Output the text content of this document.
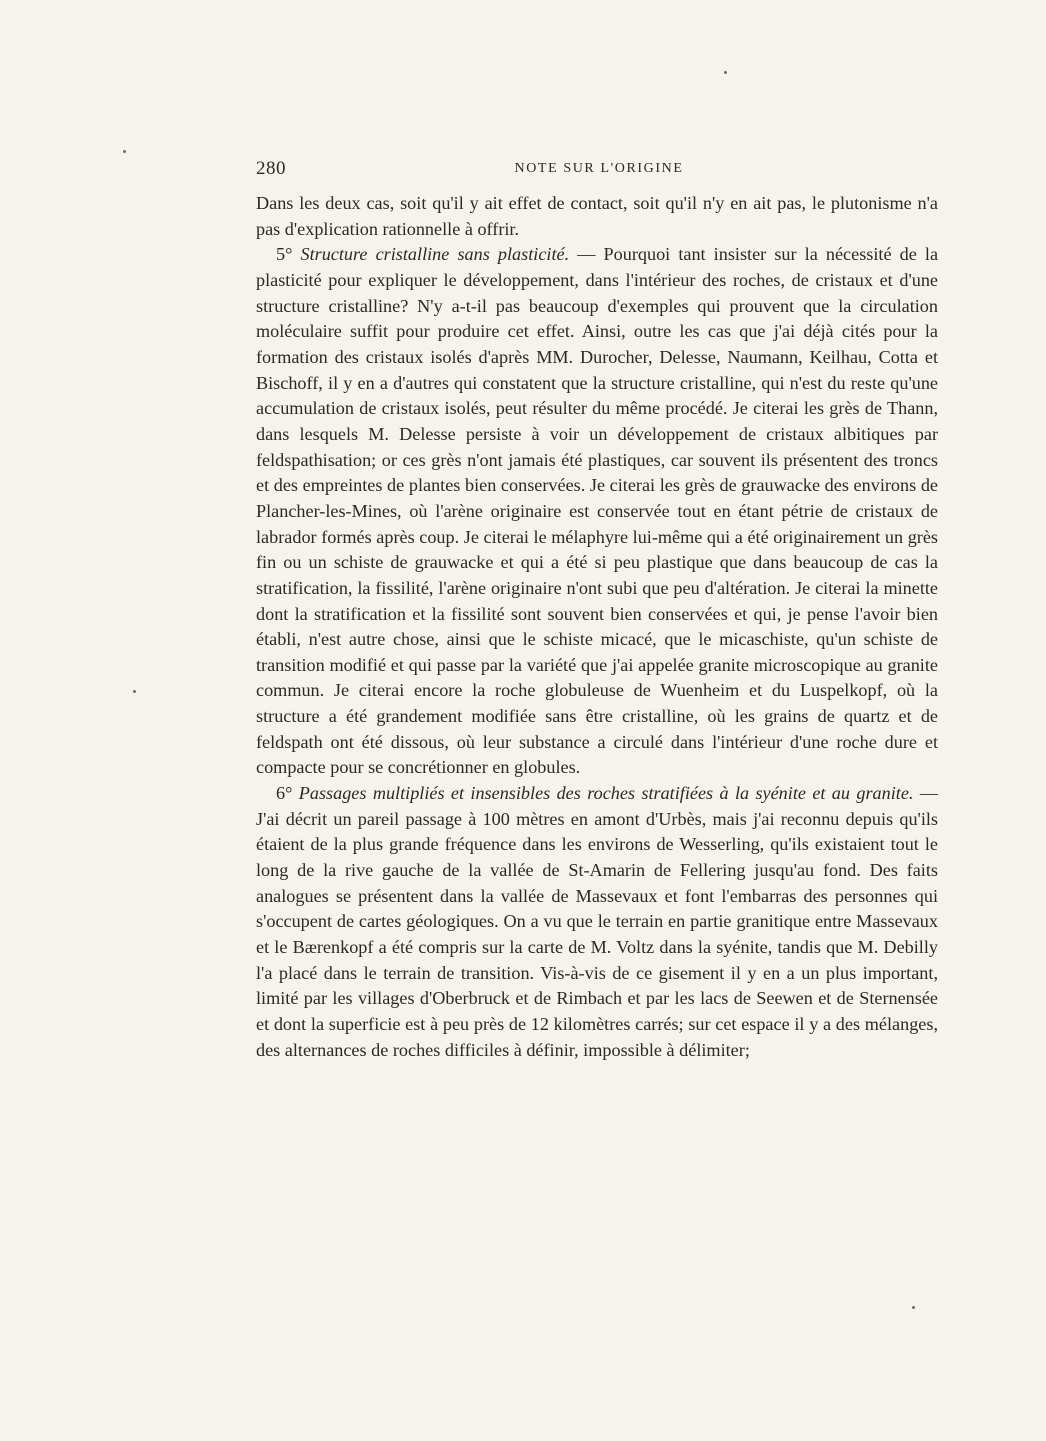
280	NOTE SUR L'ORIGINE

Dans les deux cas, soit qu'il y ait effet de contact, soit qu'il n'y en ait pas, le plutonisme n'a pas d'explication rationnelle à offrir.

5° Structure cristalline sans plasticité. — Pourquoi tant insister sur la nécessité de la plasticité pour expliquer le développement, dans l'intérieur des roches, de cristaux et d'une structure cristalline? N'y a-t-il pas beaucoup d'exemples qui prouvent que la circulation moléculaire suffit pour produire cet effet. Ainsi, outre les cas que j'ai déjà cités pour la formation des cristaux isolés d'après MM. Durocher, Delesse, Naumann, Keilhau, Cotta et Bischoff, il y en a d'autres qui constatent que la structure cristalline, qui n'est du reste qu'une accumulation de cristaux isolés, peut résulter du même procédé. Je citerai les grès de Thann, dans lesquels M. Delesse persiste à voir un développement de cristaux albitiques par feldspathisation; or ces grès n'ont jamais été plastiques, car souvent ils présentent des troncs et des empreintes de plantes bien conservées. Je citerai les grès de grauwacke des environs de Plancher-les-Mines, où l'arène originaire est conservée tout en étant pétrie de cristaux de labrador formés après coup. Je citerai le mélaphyre lui-même qui a été originairement un grès fin ou un schiste de grauwacke et qui a été si peu plastique que dans beaucoup de cas la stratification, la fissilité, l'arène originaire n'ont subi que peu d'altération. Je citerai la minette dont la stratification et la fissilité sont souvent bien conservées et qui, je pense l'avoir bien établi, n'est autre chose, ainsi que le schiste micacé, que le micaschiste, qu'un schiste de transition modifié et qui passe par la variété que j'ai appelée granite microscopique au granite commun. Je citerai encore la roche globuleuse de Wuenheim et du Luspelkopf, où la structure a été grandement modifiée sans être cristalline, où les grains de quartz et de feldspath ont été dissous, où leur substance a circulé dans l'intérieur d'une roche dure et compacte pour se concrétionner en globules.

6° Passages multipliés et insensibles des roches stratifiées à la syénite et au granite. — J'ai décrit un pareil passage à 100 mètres en amont d'Urbès, mais j'ai reconnu depuis qu'ils étaient de la plus grande fréquence dans les environs de Wesserling, qu'ils existaient tout le long de la rive gauche de la vallée de St-Amarin de Fellering jusqu'au fond. Des faits analogues se présentent dans la vallée de Massevaux et font l'embarras des personnes qui s'occupent de cartes géologiques. On a vu que le terrain en partie granitique entre Massevaux et le Bærenkopf a été compris sur la carte de M. Voltz dans la syénite, tandis que M. Debilly l'a placé dans le terrain de transition. Vis-à-vis de ce gisement il y en a un plus important, limité par les villages d'Oberbruck et de Rimbach et par les lacs de Seewen et de Sternensée et dont la superficie est à peu près de 12 kilomètres carrés; sur cet espace il y a des mélanges, des alternances de roches difficiles à définir, impossible à délimiter;
